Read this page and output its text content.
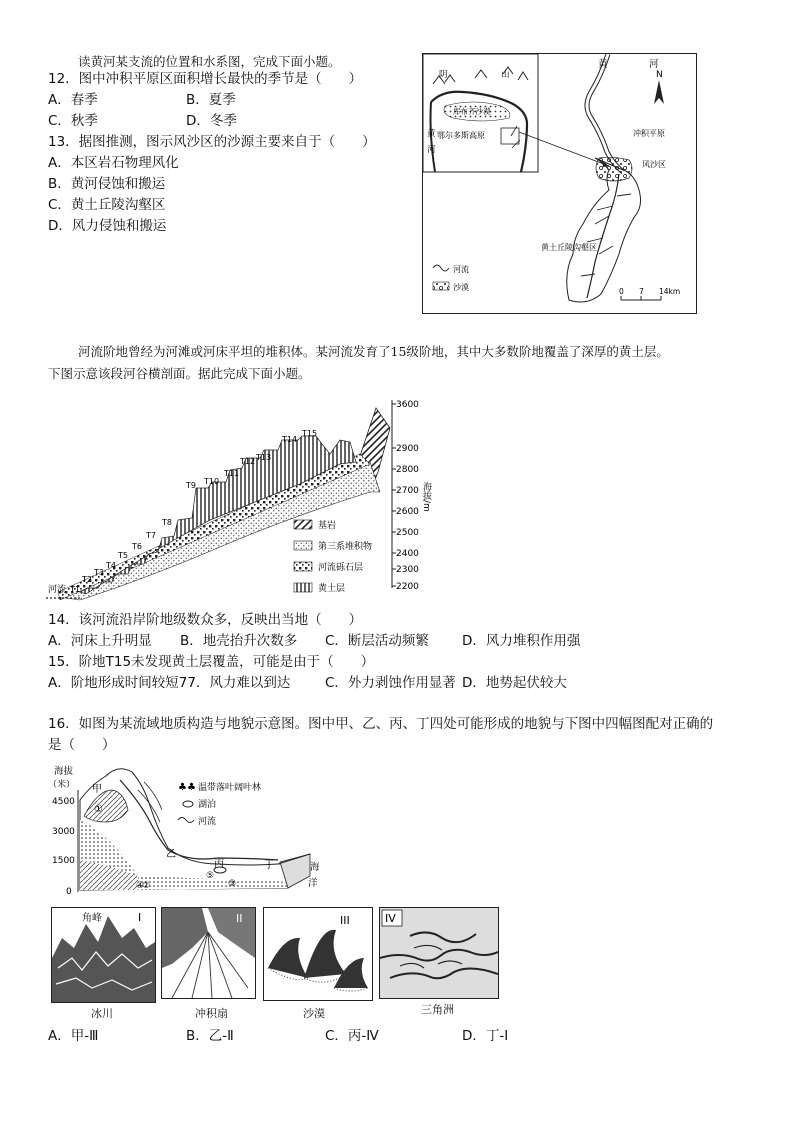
读黄河某支流的位置和水系图，完成下面小题。
12．图中冲积平原区面积增长最快的季节是（　　）
A．春季	B．夏季
C．秋季	D．冬季
13．据图推测，图示风沙区的沙源主要来自于（　　）
A．本区岩石物理风化
B．黄河侵蚀和搬运
C．黄土丘陵沟壑区
D．风力侵蚀和搬运
阴	山
库布齐沙漠
鄂尔多斯高原
黄
河
N
黄	河
冲积平原
风沙区
黄土丘陵沟壑区
河流
沙漠	0 7 14km
河流阶地曾经为河滩或河床平坦的堆积体。某河流发育了15级阶地，其中大多数阶地覆盖了深厚的黄土层。
下图示意该段河谷横剖面。据此完成下面小题。
河流 T1
T2
T3
T4
T5
T6
T7
T8
T9 T10
T11
T12 T13
T14
T15
3600
2900
2800
2700
2600
2500
2400
2300
2200
海拔/m
基岩
第三系堆积物
河流砾石层
黄土层
14．该河流沿岸阶地级数众多，反映出当地（　　）
A．河床上升明显 B．地壳抬升次数多 C．断层活动频繁 D．风力堆积作用强
15．阶地T15未发现黄土层覆盖，可能是由于（　　）
A．阶地形成时间较短77．风力难以到达	C．外力剥蚀作用显著 D．地势起伏较大
16．如图为某流域地质构造与地貌示意图。图中甲、乙、丙、丁四处可能形成的地貌与下图中四幅图配对正确的
是（　　）
海拔
（米）
4500
3000
1500
0
甲
乙
丙	丁
①
②	③
④
⑤
海
洋
♣♣ 温带落叶阔叶林
湖泊
河流
角峰	I	II	III	IV
冰川	冲积扇	沙漠	三角洲
A．甲-Ⅲ	B．乙-Ⅱ	C．丙-Ⅳ	D．丁-Ⅰ
